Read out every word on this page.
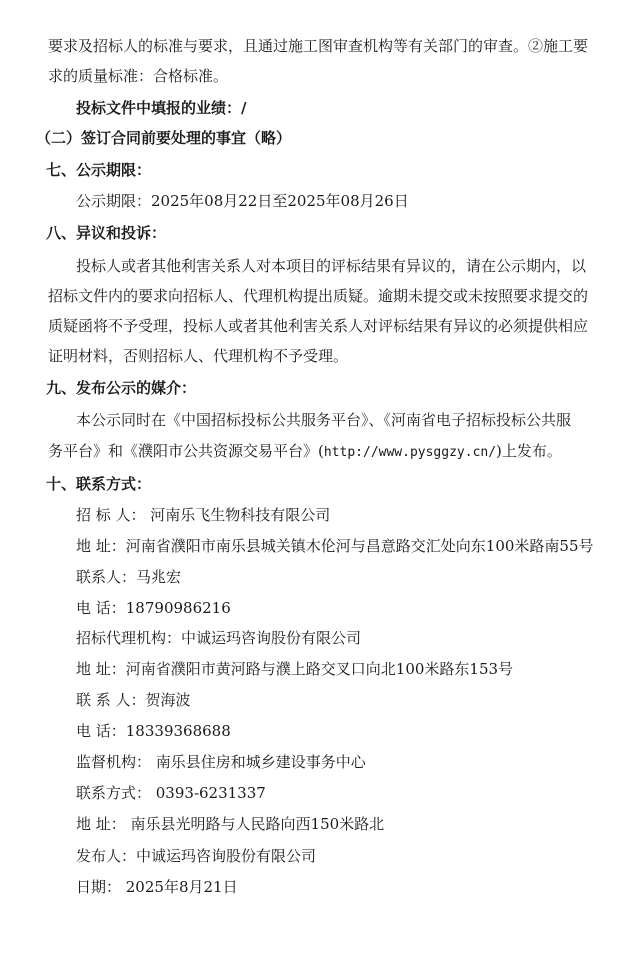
要求及招标人的标准与要求，且通过施工图审查机构等有关部门的审查。②施工要
求的质量标准：合格标准。
投标文件中填报的业绩：/
（二）签订合同前要处理的事宜（略）
七、公示期限：
公示期限：2025年08月22日至2025年08月26日
八、异议和投诉：
投标人或者其他利害关系人对本项目的评标结果有异议的，请在公示期内，以
招标文件内的要求向招标人、代理机构提出质疑。逾期未提交或未按照要求提交的
质疑函将不予受理，投标人或者其他利害关系人对评标结果有异议的必须提供相应
证明材料，否则招标人、代理机构不予受理。
九、发布公示的媒介：
本公示同时在《中国招标投标公共服务平台》、《河南省电子招标投标公共服
务平台》和《濮阳市公共资源交易平台》(http://www.pysggzy.cn/)上发布。
十、联系方式：
招 标 人： 河南乐飞生物科技有限公司
地 址：河南省濮阳市南乐县城关镇木伦河与昌意路交汇处向东100米路南55号
联系人：马兆宏
电 话：18790986216
招标代理机构：中诚运玛咨询股份有限公司
地 址：河南省濮阳市黄河路与濮上路交叉口向北100米路东153号
联 系 人：贺海波
电 话：18339368688
监督机构： 南乐县住房和城乡建设事务中心
联系方式： 0393-6231337
地 址： 南乐县光明路与人民路向西150米路北
发布人：中诚运玛咨询股份有限公司
日期： 2025年8月21日
